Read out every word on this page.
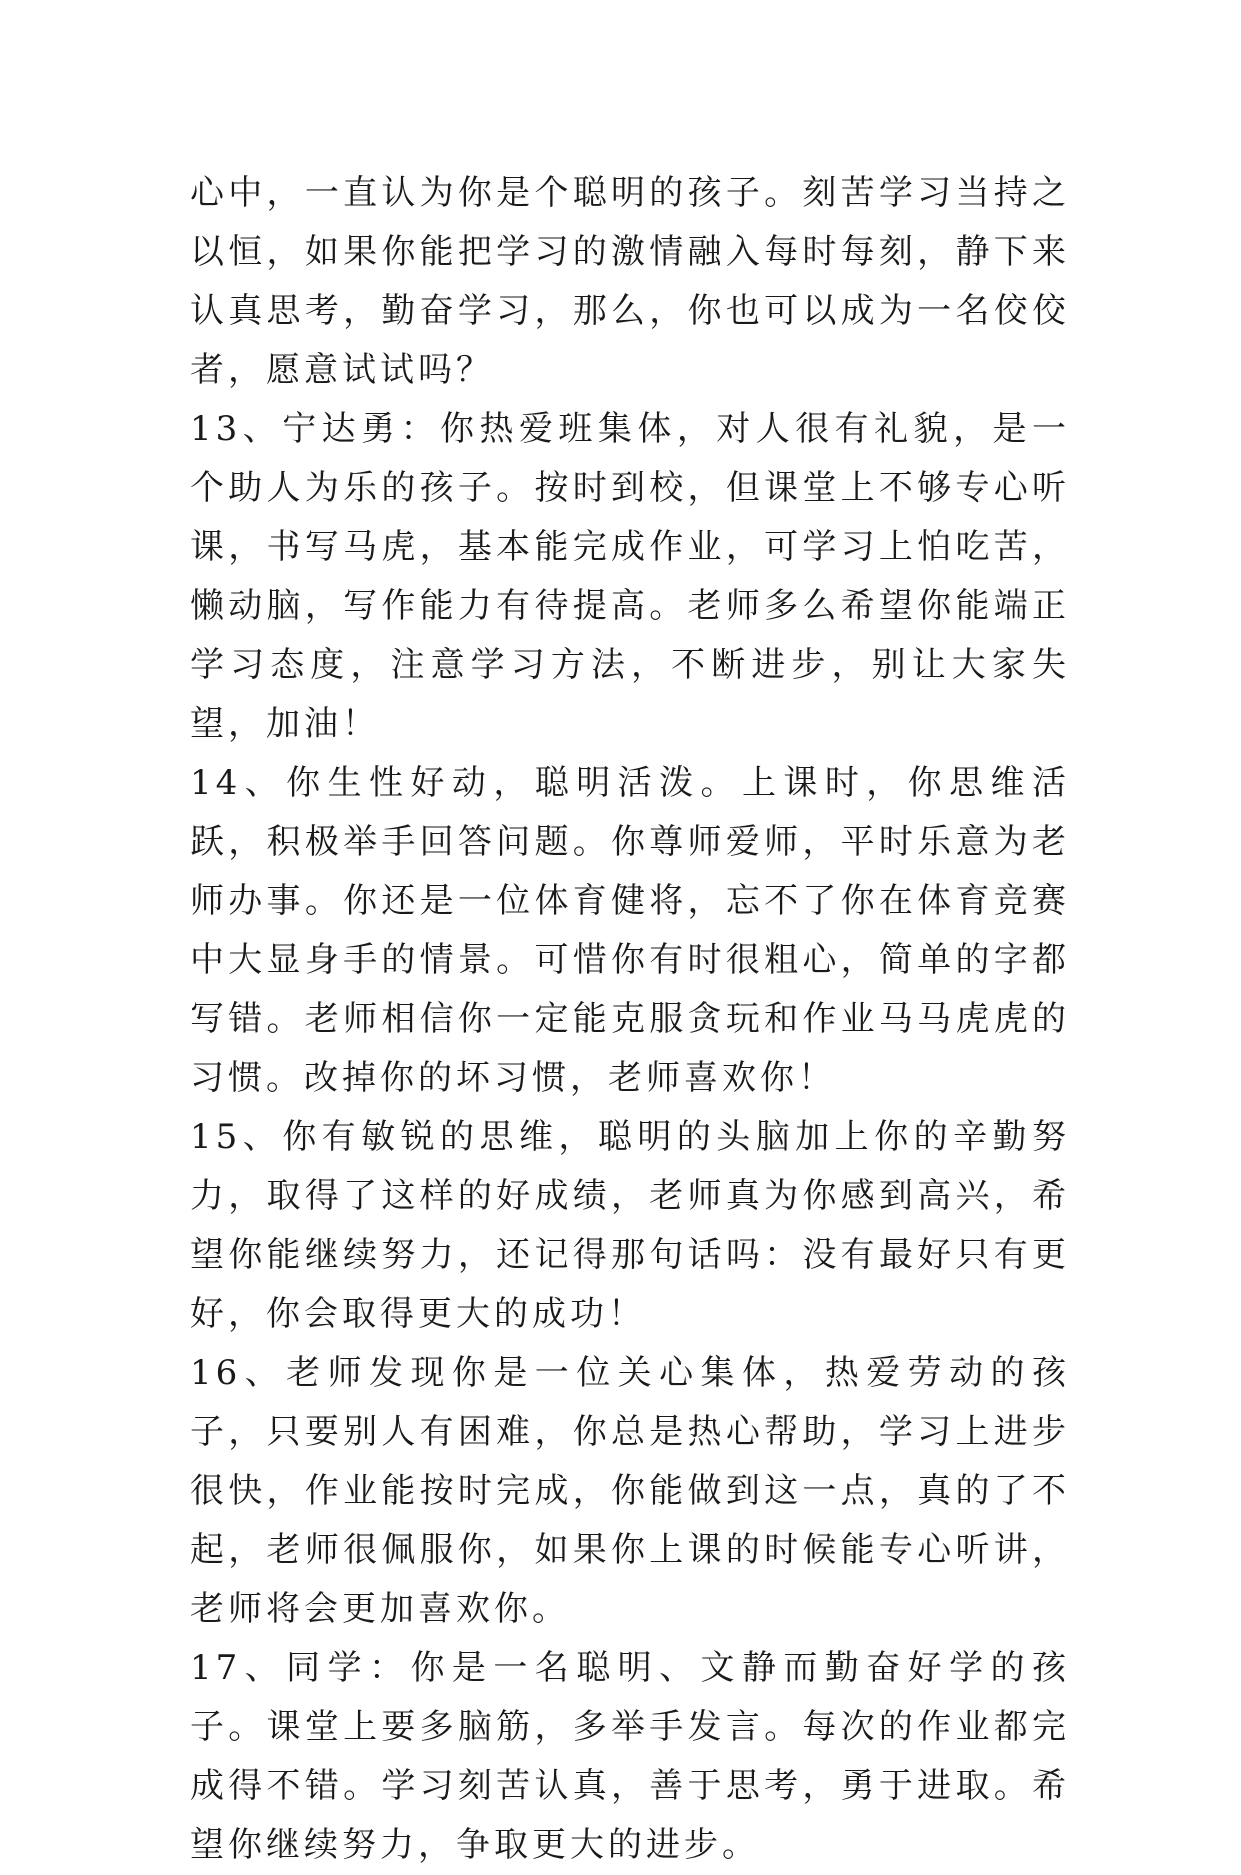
心中，一直认为你是个聪明的孩子。刻苦学习当持之以恒，如果你能把学习的激情融入每时每刻，静下来认真思考，勤奋学习，那么，你也可以成为一名佼佼者，愿意试试吗？

13、宁达勇：你热爱班集体，对人很有礼貌，是一个助人为乐的孩子。按时到校，但课堂上不够专心听课，书写马虎，基本能完成作业，可学习上怕吃苦，懒动脑，写作能力有待提高。老师多么希望你能端正学习态度，注意学习方法，不断进步，别让大家失望，加油！

14、你生性好动，聪明活泼。上课时，你思维活跃，积极举手回答问题。你尊师爱师，平时乐意为老师办事。你还是一位体育健将，忘不了你在体育竞赛中大显身手的情景。可惜你有时很粗心，简单的字都写错。老师相信你一定能克服贪玩和作业马马虎虎的习惯。改掉你的坏习惯，老师喜欢你！

15、你有敏锐的思维，聪明的头脑加上你的辛勤努力，取得了这样的好成绩，老师真为你感到高兴，希望你能继续努力，还记得那句话吗：没有最好只有更好，你会取得更大的成功！

16、老师发现你是一位关心集体，热爱劳动的孩子，只要别人有困难，你总是热心帮助，学习上进步很快，作业能按时完成，你能做到这一点，真的了不起，老师很佩服你，如果你上课的时候能专心听讲，老师将会更加喜欢你。

17、同学：你是一名聪明、文静而勤奋好学的孩子。课堂上要多脑筋，多举手发言。每次的作业都完成得不错。学习刻苦认真，善于思考，勇于进取。希望你继续努力，争取更大的进步。
